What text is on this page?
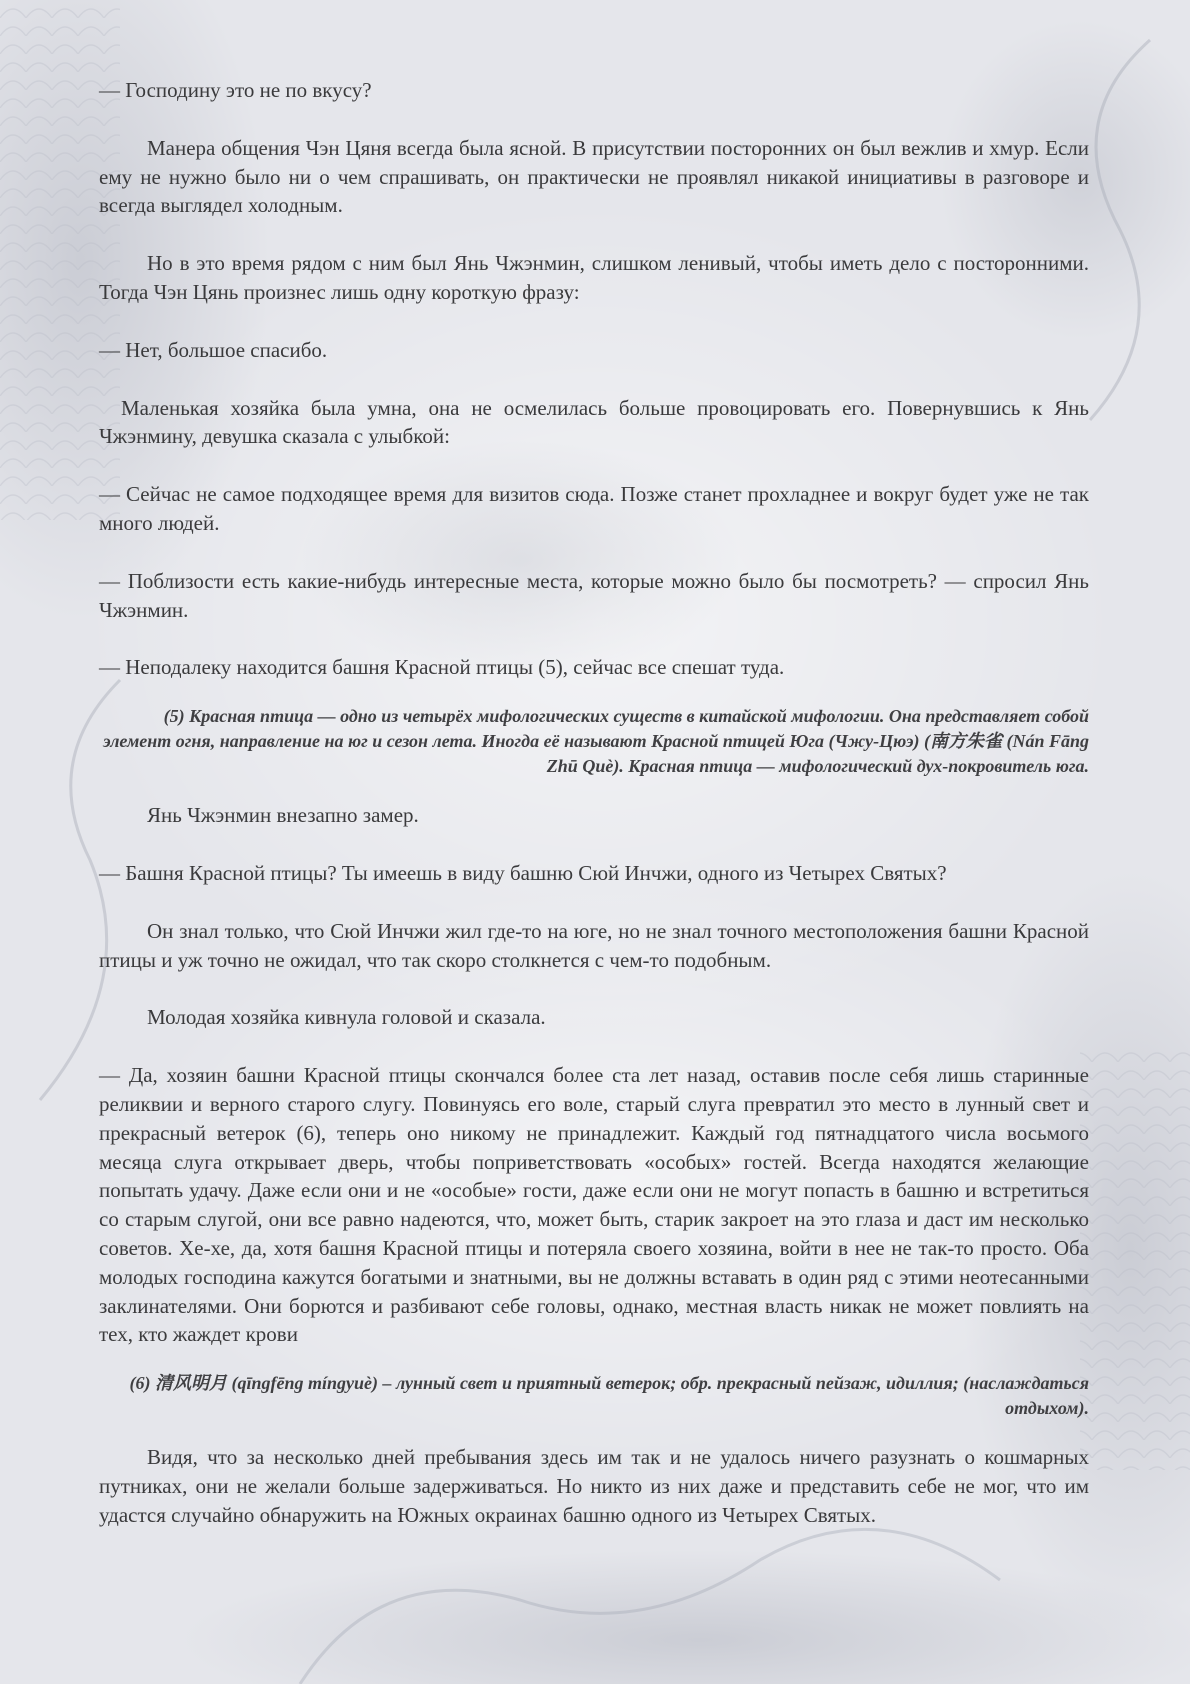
— Господину это не по вкусу?

Манера общения Чэн Цяня всегда была ясной. В присутствии посторонних он был вежлив и хмур. Если ему не нужно было ни о чем спрашивать, он практически не проявлял никакой инициативы в разговоре и всегда выглядел холодным.

Но в это время рядом с ним был Янь Чжэнмин, слишком ленивый, чтобы иметь дело с посторонними. Тогда Чэн Цянь произнес лишь одну короткую фразу:

— Нет, большое спасибо.

Маленькая хозяйка была умна, она не осмелилась больше провоцировать его. Повернувшись к Янь Чжэнмину, девушка сказала с улыбкой:

— Сейчас не самое подходящее время для визитов сюда. Позже станет прохладнее и вокруг будет уже не так много людей.

— Поблизости есть какие-нибудь интересные места, которые можно было бы посмотреть? — спросил Янь Чжэнмин.

— Неподалеку находится башня Красной птицы (5), сейчас все спешат туда.

(5) Красная птица — одно из четырёх мифологических существ в китайской мифологии. Она представляет собой элемент огня, направление на юг и сезон лета. Иногда её называют Красной птицей Юга (Чжу-Цюэ) (南方朱雀 (Nán Fāng Zhū Què). Красная птица — мифологический дух-покровитель юга.

Янь Чжэнмин внезапно замер.

— Башня Красной птицы? Ты имеешь в виду башню Сюй Инчжи, одного из Четырех Святых?

Он знал только, что Сюй Инчжи жил где-то на юге, но не знал точного местоположения башни Красной птицы и уж точно не ожидал, что так скоро столкнется с чем-то подобным.

Молодая хозяйка кивнула головой и сказала.

— Да, хозяин башни Красной птицы скончался более ста лет назад, оставив после себя лишь старинные реликвии и верного старого слугу. Повинуясь его воле, старый слуга превратил это место в лунный свет и прекрасный ветерок (6), теперь оно никому не принадлежит. Каждый год пятнадцатого числа восьмого месяца слуга открывает дверь, чтобы поприветствовать «особых» гостей. Всегда находятся желающие попытать удачу. Даже если они и не «особые» гости, даже если они не могут попасть в башню и встретиться со старым слугой, они все равно надеются, что, может быть, старик закроет на это глаза и даст им несколько советов. Хе-хе, да, хотя башня Красной птицы и потеряла своего хозяина, войти в нее не так-то просто. Оба молодых господина кажутся богатыми и знатными, вы не должны вставать в один ряд с этими неотесанными заклинателями. Они борются и разбивают себе головы, однако, местная власть никак не может повлиять на тех, кто жаждет крови

(6) 清风明月 (qīngfēng míngyuè) – лунный свет и приятный ветерок; обр. прекрасный пейзаж, идиллия; (наслаждаться отдыхом).

Видя, что за несколько дней пребывания здесь им так и не удалось ничего разузнать о кошмарных путниках, они не желали больше задерживаться. Но никто из них даже и представить себе не мог, что им удастся случайно обнаружить на Южных окраинах башню одного из Четырех Святых.
